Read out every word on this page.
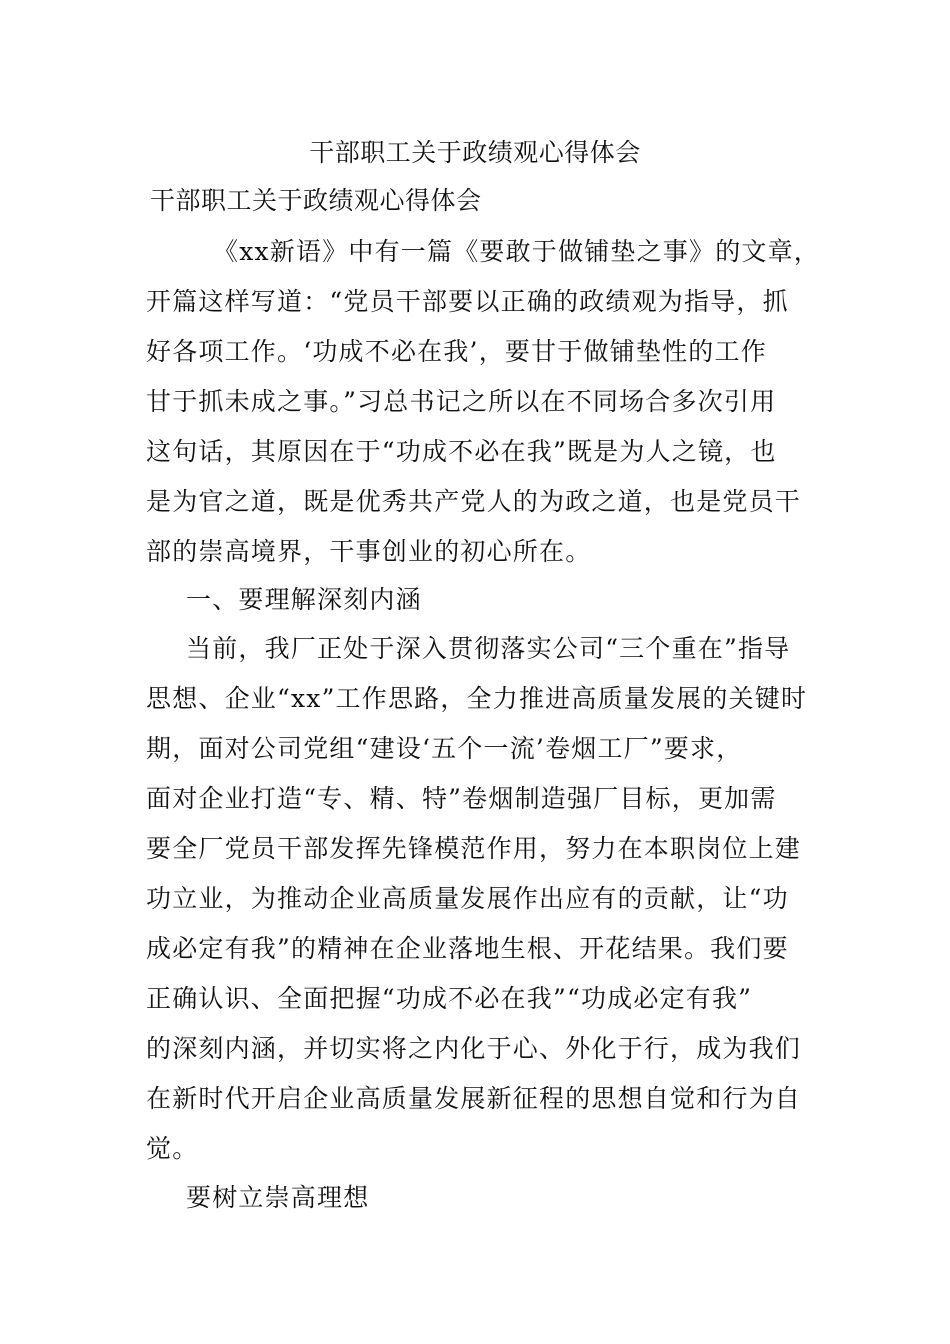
干部职工关于政绩观心得体会
干部职工关于政绩观心得体会
《xx新语》中有一篇《要敢于做铺垫之事》的文章，
开篇这样写道：“党员干部要以正确的政绩观为指导，抓
好各项工作。‘功成不必在我’，要甘于做铺垫性的工作
甘于抓未成之事。”习总书记之所以在不同场合多次引用
这句话，其原因在于“功成不必在我”既是为人之镜，也
是为官之道，既是优秀共产党人的为政之道，也是党员干
部的崇高境界，干事创业的初心所在。
一、要理解深刻内涵
当前，我厂正处于深入贯彻落实公司“三个重在”指导
思想、企业“xx”工作思路，全力推进高质量发展的关键时
期，面对公司党组“建设‘五个一流’卷烟工厂”要求，
面对企业打造“专、精、特”卷烟制造强厂目标，更加需
要全厂党员干部发挥先锋模范作用，努力在本职岗位上建
功立业，为推动企业高质量发展作出应有的贡献，让“功
成必定有我”的精神在企业落地生根、开花结果。我们要
正确认识、全面把握“功成不必在我”“功成必定有我”
的深刻内涵，并切实将之内化于心、外化于行，成为我们
在新时代开启企业高质量发展新征程的思想自觉和行为自
觉。
要树立崇高理想
